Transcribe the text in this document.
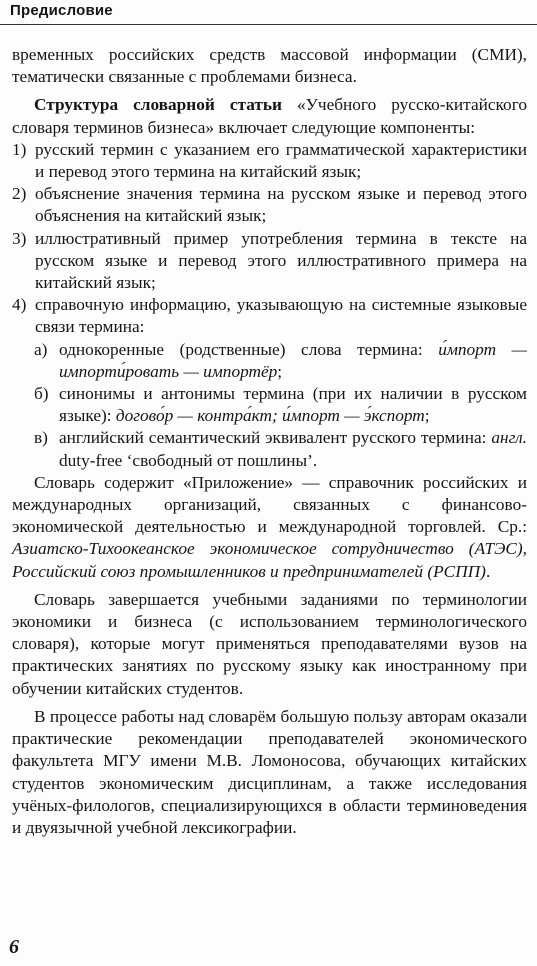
Предисловие

временных российских средств массовой информации (СМИ), тематически связанные с проблемами бизнеса.

Структура словарной статьи «Учебного русско-китайского словаря терминов бизнеса» включает следующие компоненты:

1) русский термин с указанием его грамматической характеристики и перевод этого термина на китайский язык;
2) объяснение значения термина на русском языке и перевод этого объяснения на китайский язык;
3) иллюстративный пример употребления термина в тексте на русском языке и перевод этого иллюстративного примера на китайский язык;
4) справочную информацию, указывающую на системные языковые связи термина:
а) однокоренные (родственные) слова термина: и́мпорт — импорти́ровать — импортёр;
б) синонимы и антонимы термина (при их наличии в русском языке): догово́р — контра́кт; и́мпорт — э́кспорт;
в) английский семантический эквивалент русского термина: англ. duty-free ‘свободный от пошлины’.

Словарь содержит «Приложение» — справочник российских и международных организаций, связанных с финансово-экономической деятельностью и международной торговлей. Ср.: Азиатско-Тихоокеанское экономическое сотрудничество (АТЭС), Российский союз промышленников и предпринимателей (РСПП).

Словарь завершается учебными заданиями по терминологии экономики и бизнеса (с использованием терминологического словаря), которые могут применяться преподавателями вузов на практических занятиях по русскому языку как иностранному при обучении китайских студентов.

В процессе работы над словарём большую пользу авторам оказали практические рекомендации преподавателей экономического факультета МГУ имени М.В. Ломоносова, обучающих китайских студентов экономическим дисциплинам, а также исследования учёных-филологов, специализирующихся в области терминоведения и двуязычной учебной лексикографии.

6
